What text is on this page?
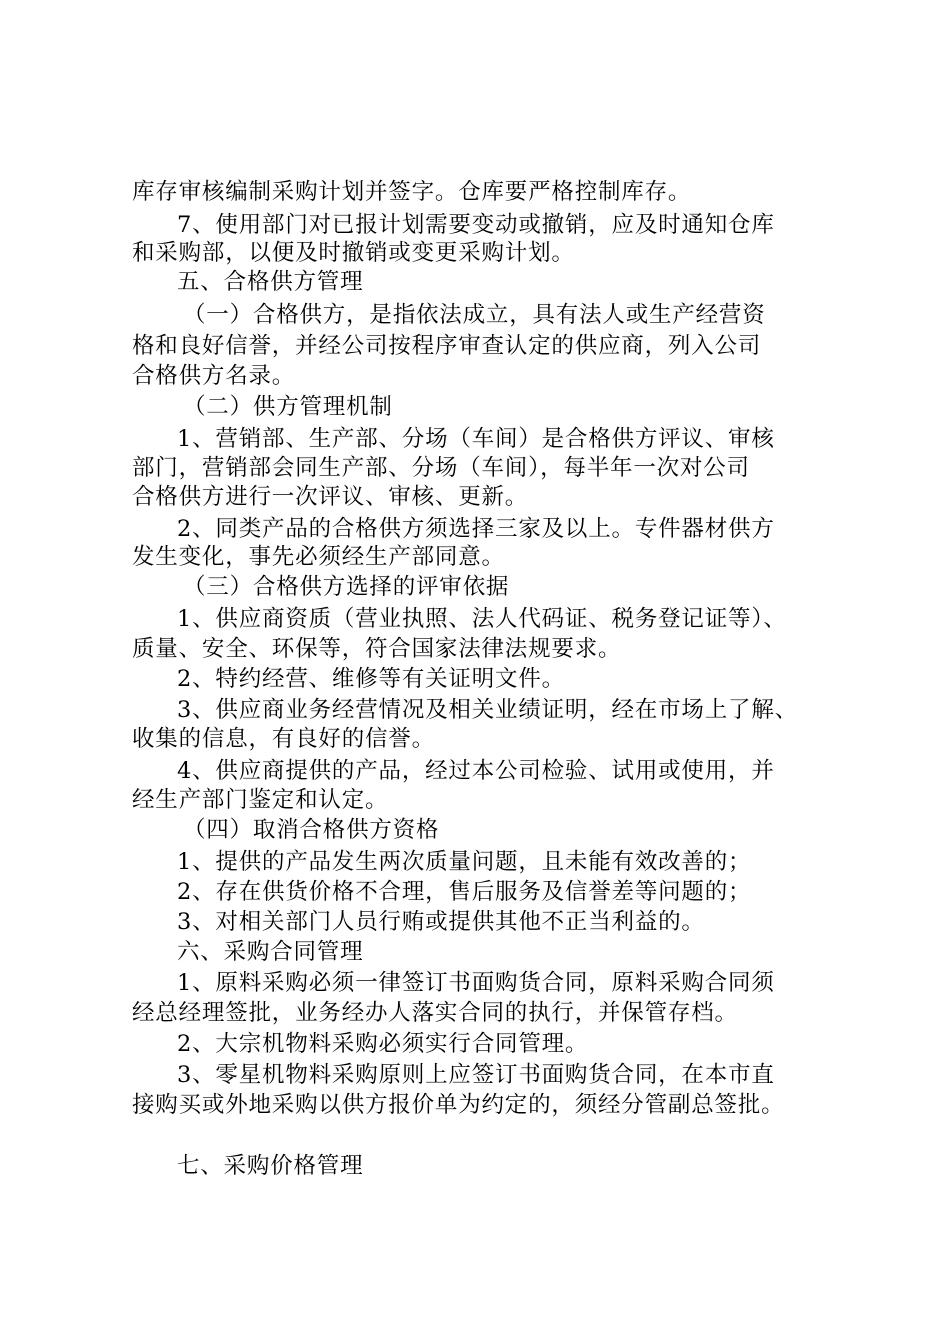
库存审核编制采购计划并签字。仓库要严格控制库存。
7、使用部门对已报计划需要变动或撤销，应及时通知仓库
和采购部，以便及时撤销或变更采购计划。
五、合格供方管理
（一）合格供方，是指依法成立，具有法人或生产经营资
格和良好信誉，并经公司按程序审查认定的供应商，列入公司
合格供方名录。
（二）供方管理机制
1、营销部、生产部、分场（车间）是合格供方评议、审核
部门，营销部会同生产部、分场（车间），每半年一次对公司
合格供方进行一次评议、审核、更新。
2、同类产品的合格供方须选择三家及以上。专件器材供方
发生变化，事先必须经生产部同意。
（三）合格供方选择的评审依据
1、供应商资质（营业执照、法人代码证、税务登记证等）、
质量、安全、环保等，符合国家法律法规要求。
2、特约经营、维修等有关证明文件。
3、供应商业务经营情况及相关业绩证明，经在市场上了解、
收集的信息，有良好的信誉。
4、供应商提供的产品，经过本公司检验、试用或使用，并
经生产部门鉴定和认定。
（四）取消合格供方资格
1、提供的产品发生两次质量问题，且未能有效改善的；
2、存在供货价格不合理，售后服务及信誉差等问题的；
3、对相关部门人员行贿或提供其他不正当利益的。
六、采购合同管理
1、原料采购必须一律签订书面购货合同，原料采购合同须
经总经理签批，业务经办人落实合同的执行，并保管存档。
2、大宗机物料采购必须实行合同管理。
3、零星机物料采购原则上应签订书面购货合同，在本市直
接购买或外地采购以供方报价单为约定的，须经分管副总签批。
七、采购价格管理
